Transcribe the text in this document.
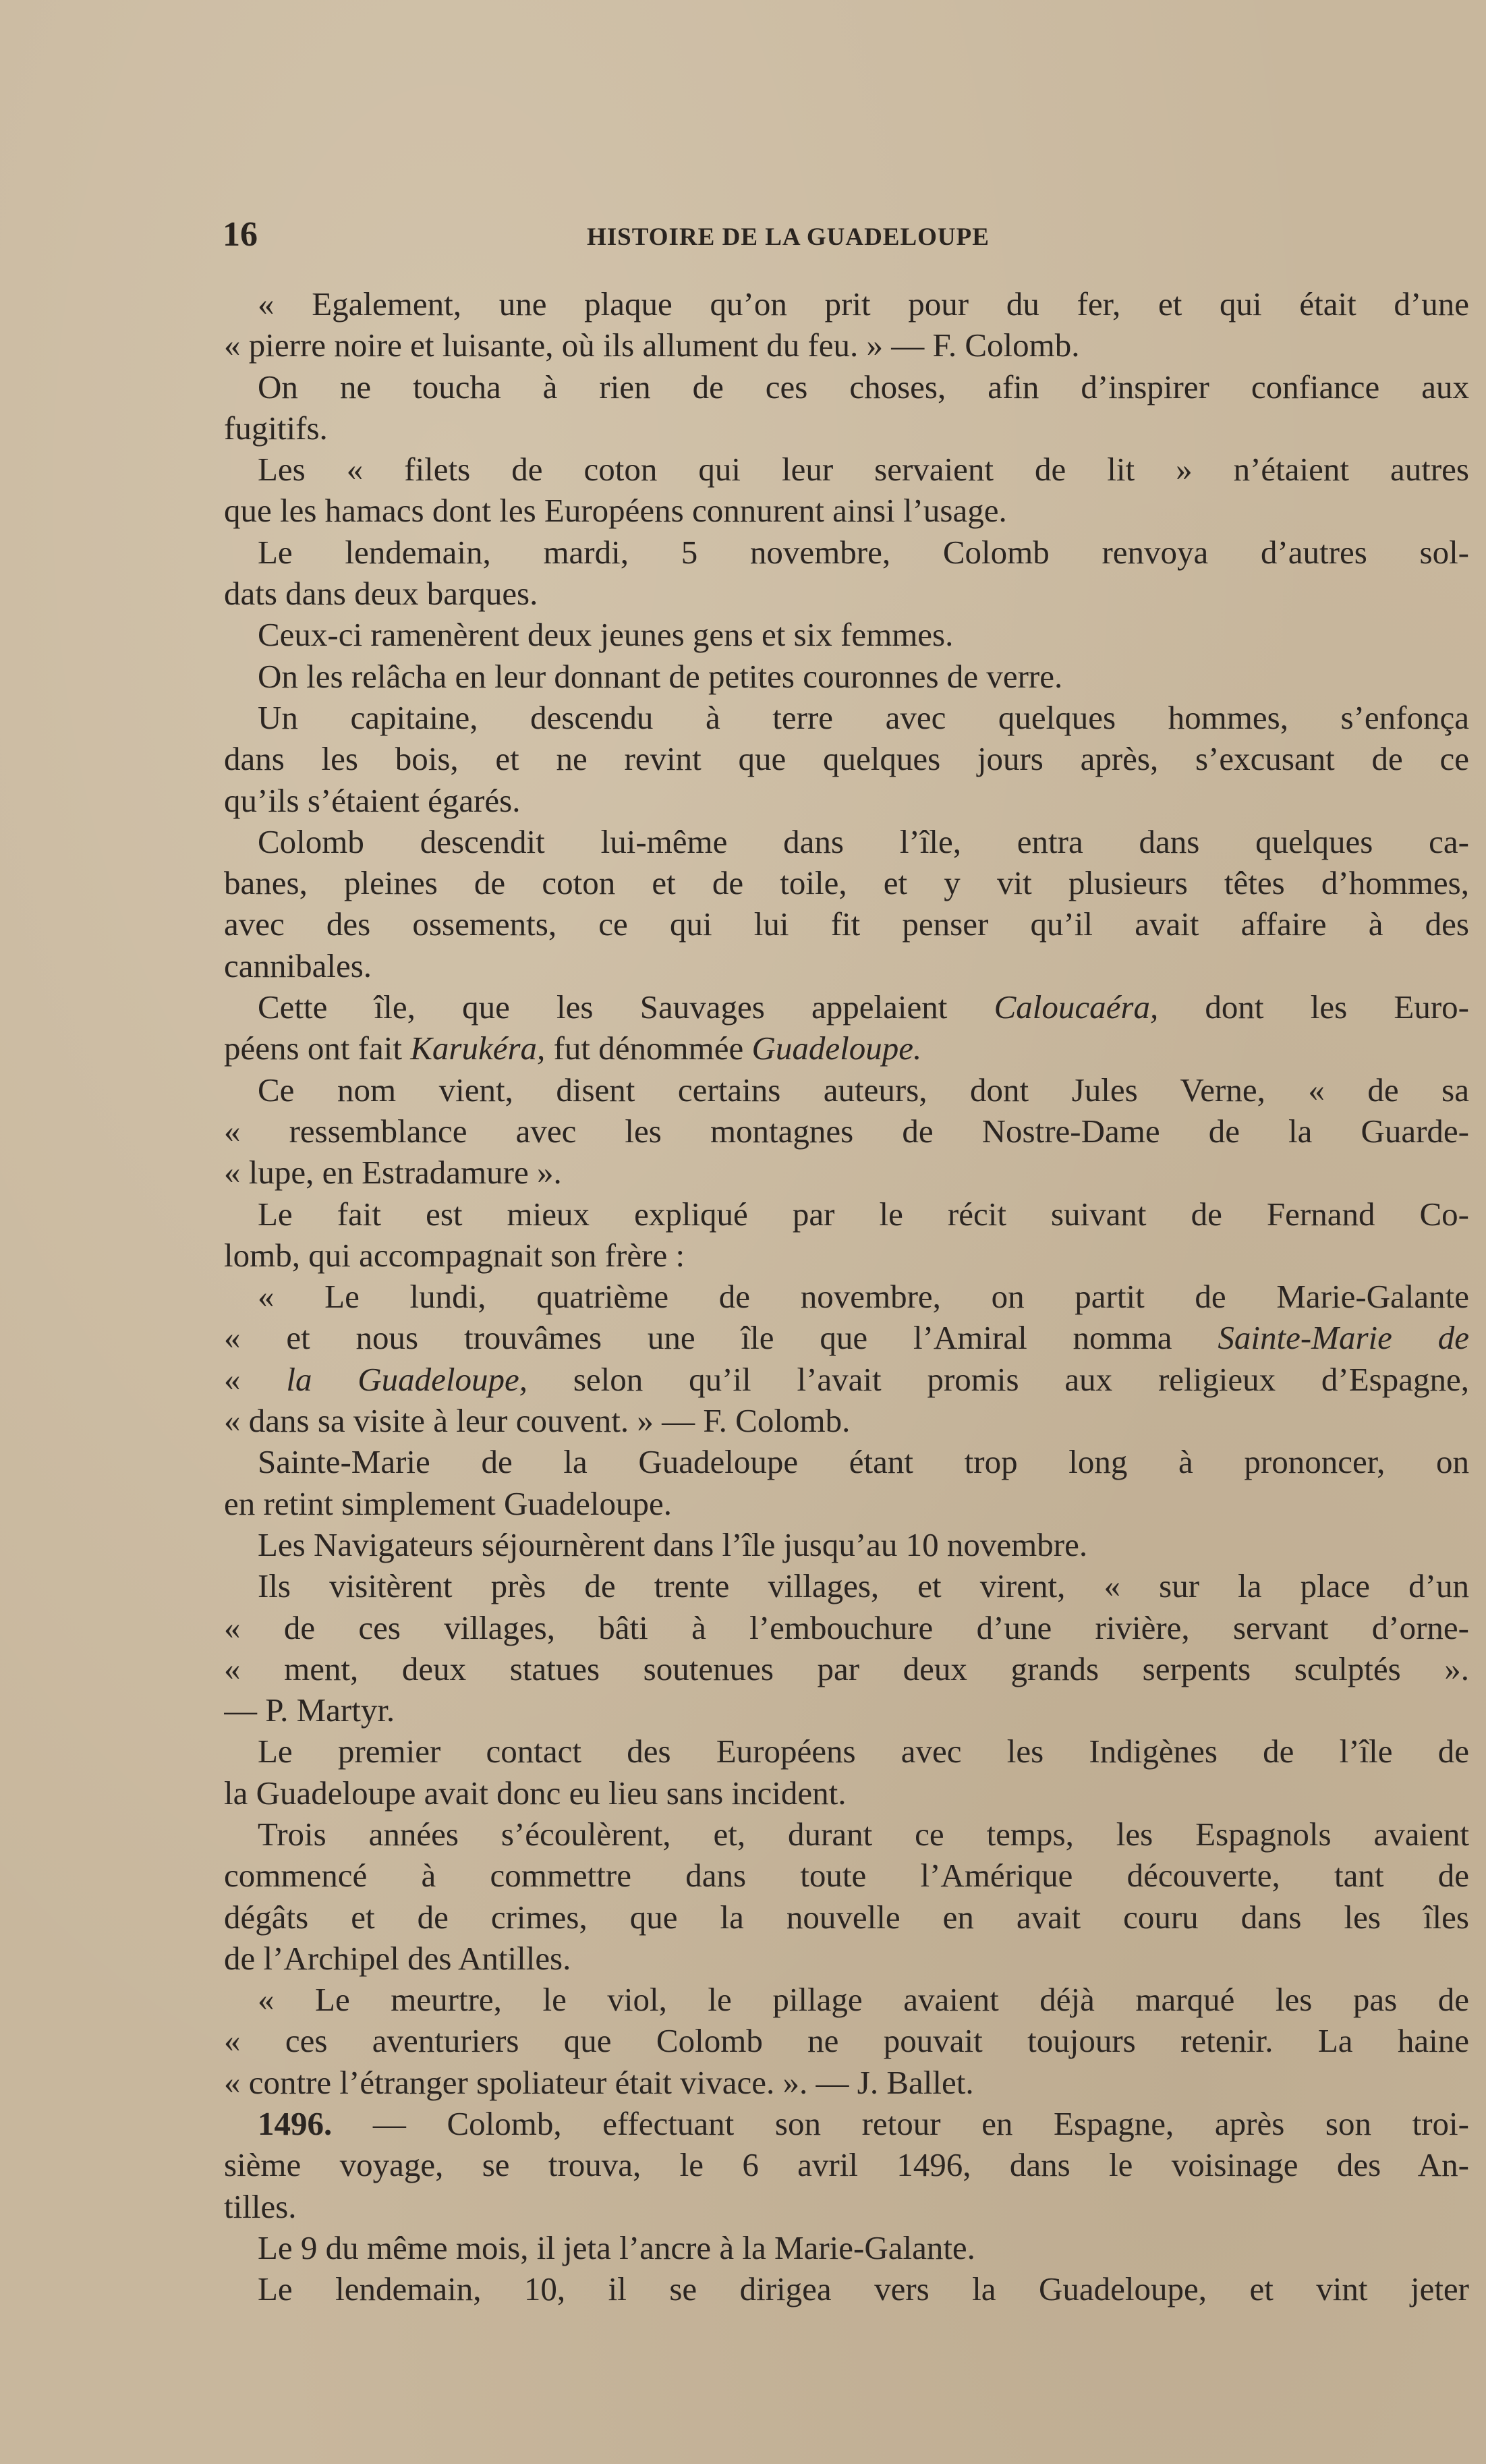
16	HISTOIRE DE LA GUADELOUPE
« Egalement, une plaque qu’on prit pour du fer, et qui était d’une
« pierre noire et luisante, où ils allument du feu. » — F. Colomb.
On ne toucha à rien de ces choses, afin d’inspirer confiance aux
fugitifs.
Les « filets de coton qui leur servaient de lit » n’étaient autres
que les hamacs dont les Européens connurent ainsi l’usage.
Le lendemain, mardi, 5 novembre, Colomb renvoya d’autres sol-
dats dans deux barques.
Ceux-ci ramenèrent deux jeunes gens et six femmes.
On les relâcha en leur donnant de petites couronnes de verre.
Un capitaine, descendu à terre avec quelques hommes, s’enfonça
dans les bois, et ne revint que quelques jours après, s’excusant de ce
qu’ils s’étaient égarés.
Colomb descendit lui-même dans l’île, entra dans quelques ca-
banes, pleines de coton et de toile, et y vit plusieurs têtes d’hommes,
avec des ossements, ce qui lui fit penser qu’il avait affaire à des
cannibales.
Cette île, que les Sauvages appelaient Caloucaéra, dont les Euro-
péens ont fait Karukéra, fut dénommée Guadeloupe.
Ce nom vient, disent certains auteurs, dont Jules Verne, « de sa
« ressemblance avec les montagnes de Nostre-Dame de la Guarde-
« lupe, en Estradamure ».
Le fait est mieux expliqué par le récit suivant de Fernand Co-
lomb, qui accompagnait son frère :
« Le lundi, quatrième de novembre, on partit de Marie-Galante
« et nous trouvâmes une île que l’Amiral nomma Sainte-Marie de
« la Guadeloupe, selon qu’il l’avait promis aux religieux d’Espagne,
« dans sa visite à leur couvent. » — F. Colomb.
Sainte-Marie de la Guadeloupe étant trop long à prononcer, on
en retint simplement Guadeloupe.
Les Navigateurs séjournèrent dans l’île jusqu’au 10 novembre.
Ils visitèrent près de trente villages, et virent, « sur la place d’un
« de ces villages, bâti à l’embouchure d’une rivière, servant d’orne-
« ment, deux statues soutenues par deux grands serpents sculptés ».
— P. Martyr.
Le premier contact des Européens avec les Indigènes de l’île de
la Guadeloupe avait donc eu lieu sans incident.
Trois années s’écoulèrent, et, durant ce temps, les Espagnols avaient
commencé à commettre dans toute l’Amérique découverte, tant de
dégâts et de crimes, que la nouvelle en avait couru dans les îles
de l’Archipel des Antilles.
« Le meurtre, le viol, le pillage avaient déjà marqué les pas de
« ces aventuriers que Colomb ne pouvait toujours retenir. La haine
« contre l’étranger spoliateur était vivace. ». — J. Ballet.
1496. — Colomb, effectuant son retour en Espagne, après son troi-
sième voyage, se trouva, le 6 avril 1496, dans le voisinage des An-
tilles.
Le 9 du même mois, il jeta l’ancre à la Marie-Galante.
Le lendemain, 10, il se dirigea vers la Guadeloupe, et vint jeter
